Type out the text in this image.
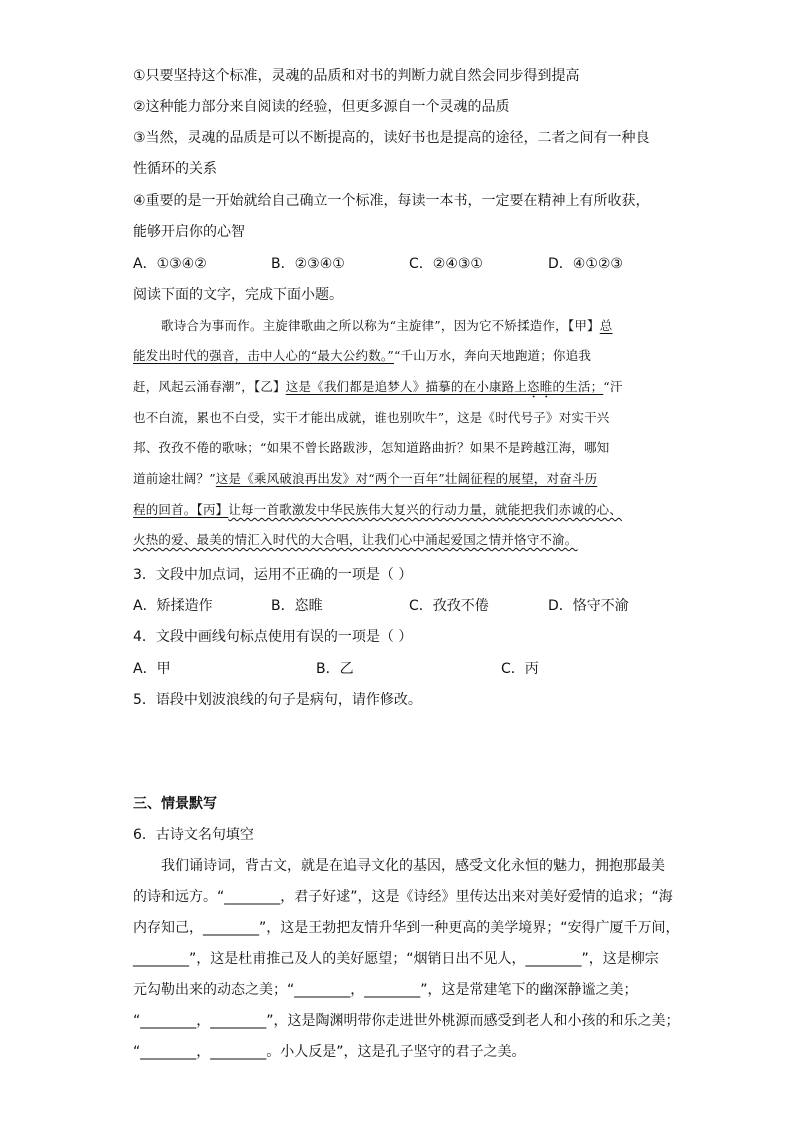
①只要坚持这个标准，灵魂的品质和对书的判断力就自然会同步得到提高
②这种能力部分来自阅读的经验，但更多源自一个灵魂的品质
③当然，灵魂的品质是可以不断提高的，读好书也是提高的途径，二者之间有一种良
性循环的关系
④重要的是一开始就给自己确立一个标准，每读一本书，一定要在精神上有所收获，
能够开启你的心智
A．①③④②	B．②③④①	C．②④③①	D．④①②③
阅读下面的文字，完成下面小题。
歌诗合为事而作。主旋律歌曲之所以称为“主旋律”，因为它不矫揉造作，【甲】总
能发出时代的强音，击中人心的“最大公约数。”“千山万水，奔向天地跑道；你追我
赶，风起云涌春潮”，【乙】这是《我们都是追梦人》描摹的在小康路上恣睢的生活；“汗
也不白流，累也不白受，实干才能出成就，谁也别吹牛”，这是《时代号子》对实干兴
邦、孜孜不倦的歌咏；“如果不曾长路跋涉，怎知道路曲折？如果不是跨越江海，哪知
道前途壮阔？”这是《乘风破浪再出发》对“两个一百年”壮阔征程的展望，对奋斗历
程的回首。【丙】让每一首歌激发中华民族伟大复兴的行动力量，就能把我们赤诚的心、
火热的爱、最美的情汇入时代的大合唱，让我们心中涌起爱国之情并恪守不渝。
3．文段中加点词，运用不正确的一项是（ ）
A．矫揉造作	B．恣睢	C．孜孜不倦	D．恪守不渝
4．文段中画线句标点使用有误的一项是（ ）
A．甲	B．乙	C．丙
5．语段中划波浪线的句子是病句，请作修改。
三、情景默写
6．古诗文名句填空
我们诵诗词，背古文，就是在追寻文化的基因，感受文化永恒的魅力，拥抱那最美
的诗和远方。“________，君子好逑”，这是《诗经》里传达出来对美好爱情的追求；“海
内存知己，________”，这是王勃把友情升华到一种更高的美学境界；“安得广厦千万间，
________”，这是杜甫推己及人的美好愿望；“烟销日出不见人，________”，这是柳宗
元勾勒出来的动态之美；“________，________”，这是常建笔下的幽深静谧之美；
“________，________”，这是陶渊明带你走进世外桃源而感受到老人和小孩的和乐之美；
“________，________。小人反是”，这是孔子坚守的君子之美。
